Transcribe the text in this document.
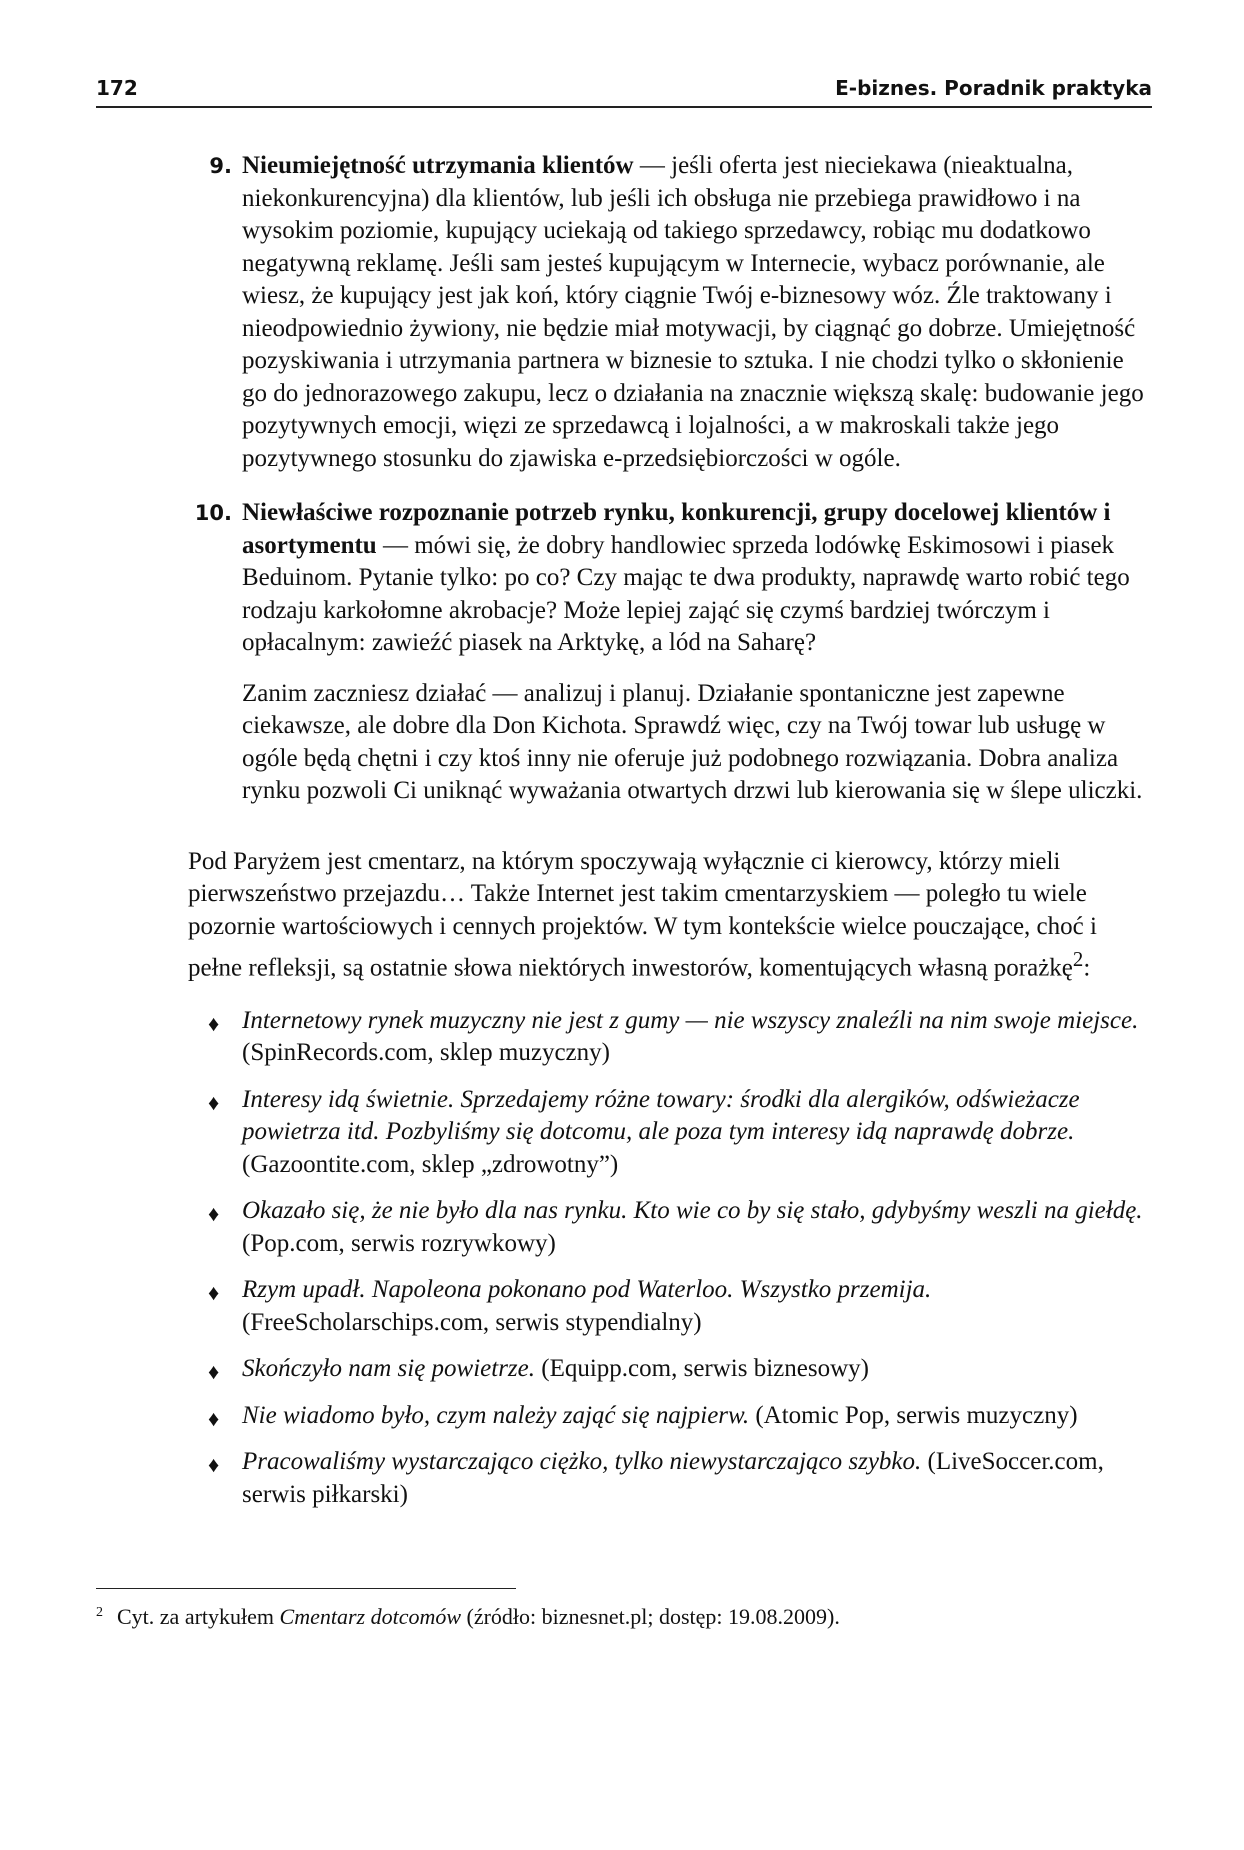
172	E-biznes. Poradnik praktyka
9. Nieumiejętność utrzymania klientów — jeśli oferta jest nieciekawa (nieaktualna, niekonkurencyjna) dla klientów, lub jeśli ich obsługa nie przebiega prawidłowo i na wysokim poziomie, kupujący uciekają od takiego sprzedawcy, robiąc mu dodatkowo negatywną reklamę. Jeśli sam jesteś kupującym w Internecie, wybacz porównanie, ale wiesz, że kupujący jest jak koń, który ciągnie Twój e-biznesowy wóz. Źle traktowany i nieodpowiednio żywiony, nie będzie miał motywacji, by ciągnąć go dobrze. Umiejętność pozyskiwania i utrzymania partnera w biznesie to sztuka. I nie chodzi tylko o skłonienie go do jednorazowego zakupu, lecz o działania na znacznie większą skalę: budowanie jego pozytywnych emocji, więzi ze sprzedawcą i lojalności, a w makroskali także jego pozytywnego stosunku do zjawiska e-przedsiębiorczości w ogóle.

10. Niewłaściwe rozpoznanie potrzeb rynku, konkurencji, grupy docelowej klientów i asortymentu — mówi się, że dobry handlowiec sprzeda lodówkę Eskimosowi i piasek Beduinom. Pytanie tylko: po co? Czy mając te dwa produkty, naprawdę warto robić tego rodzaju karkołomne akrobacje? Może lepiej zająć się czymś bardziej twórczym i opłacalnym: zawieźć piasek na Arktykę, a lód na Saharę?

Zanim zaczniesz działać — analizuj i planuj. Działanie spontaniczne jest zapewne ciekawsze, ale dobre dla Don Kichota. Sprawdź więc, czy na Twój towar lub usługę w ogóle będą chętni i czy ktoś inny nie oferuje już podobnego rozwiązania. Dobra analiza rynku pozwoli Ci uniknąć wyważania otwartych drzwi lub kierowania się w ślepe uliczki.

Pod Paryżem jest cmentarz, na którym spoczywają wyłącznie ci kierowcy, którzy mieli pierwszeństwo przejazdu… Także Internet jest takim cmentarzyskiem — poległo tu wiele pozornie wartościowych i cennych projektów. W tym kontekście wielce pouczające, choć i pełne refleksji, są ostatnie słowa niektórych inwestorów, komentujących własną porażkę$^2$:

♦ Internetowy rynek muzyczny nie jest z gumy — nie wszyscy znaleźli na nim swoje miejsce. (SpinRecords.com, sklep muzyczny)
♦ Interesy idą świetnie. Sprzedajemy różne towary: środki dla alergików, odświeżacze powietrza itd. Pozbyliśmy się dotcomu, ale poza tym interesy idą naprawdę dobrze. (Gazoontite.com, sklep „zdrowotny”)
♦ Okazało się, że nie było dla nas rynku. Kto wie co by się stało, gdybyśmy weszli na giełdę. (Pop.com, serwis rozrywkowy)
♦ Rzym upadł. Napoleona pokonano pod Waterloo. Wszystko przemija. (FreeScholarschips.com, serwis stypendialny)
♦ Skończyło nam się powietrze. (Equipp.com, serwis biznesowy)
♦ Nie wiadomo było, czym należy zająć się najpierw. (Atomic Pop, serwis muzyczny)
♦ Pracowaliśmy wystarczająco ciężko, tylko niewystarczająco szybko. (LiveSoccer.com, serwis piłkarski)

$^2$ Cyt. za artykułem Cmentarz dotcomów (źródło: biznesnet.pl; dostęp: 19.08.2009).
